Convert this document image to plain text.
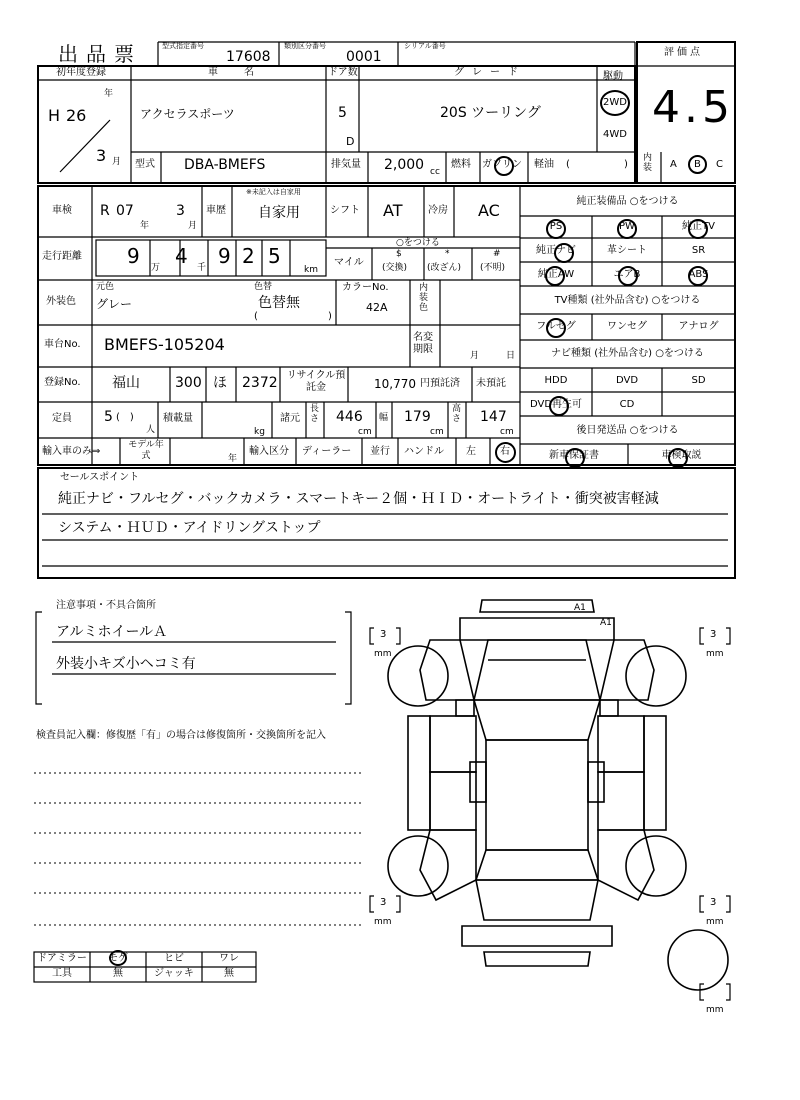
出品票	型式指定番号
17608
類別区分番号
0001
シリアル番号
評価点
4.5
初年度登録
H 26
年
3 月
車　名
アクセラスポーツ
ドア数
5
D
グレード
20S ツーリング
駆動
2WD
4WD
型式 DBA-BMEFS	排気量 2,000 cc
燃料 ガソリン 軽油 (	)
内装 A B C
車検 R 07
年
3
月
車歴
※未記入は自家用
自家用	シフト AT	冷房 AC
走行距離 9 万 4 千 9 2 5
km
○をつける
マイル
$
(交換)
*
(改ざん)
#
(不明)
外装色
元色
グレー
色替
色替無
(	)
カラーNo.
42A
内装色
車台No. BMEFS-105204	名変期限
月	日
登録No. 福山	300 ほ 2372 リサイクル預託金	10,770 円預託済 未預託
定員 5 (　)
人
積載量
kg
諸元
長さ 446
cm
幅 179
cm
高さ 147
cm
輸入車のみ⇒
モデル年式	年
輸入区分 ディーラー 並行 ハンドル 左 右
純正装備品 ○をつける
PS	PW	純正TV
純正ナビ	革シート	SR
純正AW	エアB	ABS
TV種類 (社外品含む) ○をつける
フルセグ	ワンセグ	アナログ
ナビ種類 (社外品含む) ○をつける
HDD	DVD	SD
DVD再生可	CD
後日発送品 ○をつける
新車保証書	車検取説
セールスポイント
純正ナビ・フルセグ・バックカメラ・スマートキー２個・ＨＩＤ・オートライト・衝突被害軽減
システム・ＨＵＤ・アイドリングストップ
注意事項・不具合箇所
アルミホイールＡ
外装小キズ小ヘコミ有
検査員記入欄：修復歴「有」の場合は修復箇所・交換箇所を記入
ドアミラー	モゲ	ヒビ	ワレ
工具	無	ジャッキ	無
A1
A1
3
mm
3
mm
3
mm
3
mm
mm
